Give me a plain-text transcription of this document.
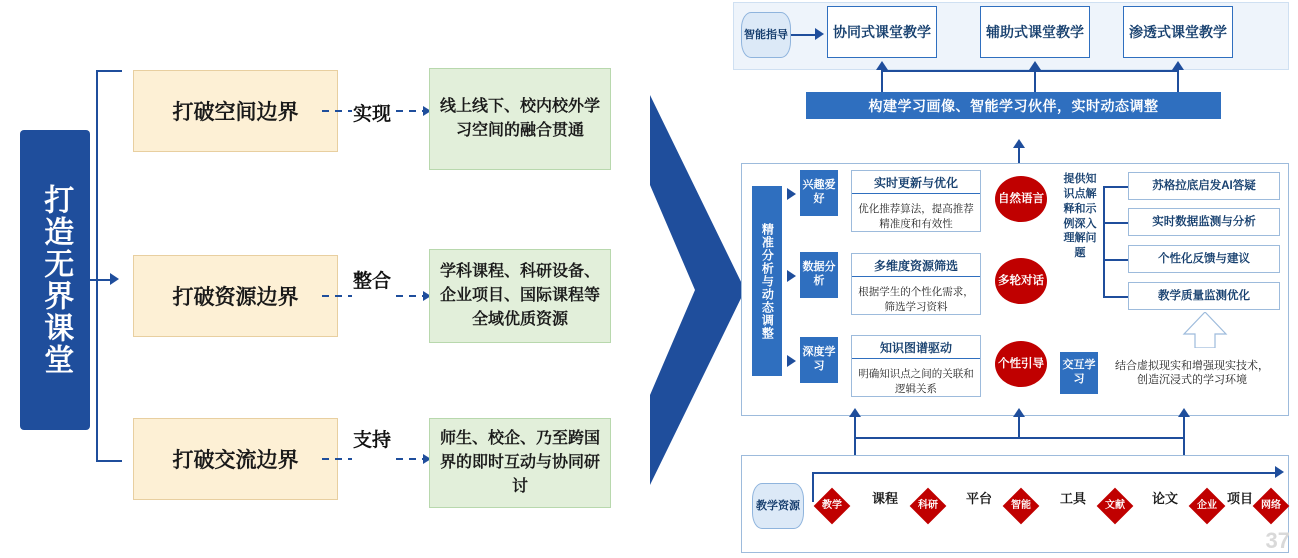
打造无界课堂
打破空间边界	实现	线上线下、校内校外学习空间的融合贯通
打破资源边界
整合	学科课程、科研设备、企业项目、国际课程等全域优质资源
打破交流边界
支持	师生、校企、乃至跨国界的即时互动与协同研讨
智能指导	协同式课堂教学	辅助式课堂教学	渗透式课堂教学
构建学习画像、智能学习伙伴，实时动态调整
精准分析与动态调整
兴趣爱好
数据分析
深度学习
实时更新与优化
优化推荐算法，提高推荐精准度和有效性
多维度资源筛选
根据学生的个性化需求，筛选学习资料
知识图谱驱动
明确知识点之间的关联和逻辑关系
自然语言
多轮对话
个性引导
提供知识点解释和示例深入理解问题
交互学习
结合虚拟现实和增强现实技术，创造沉浸式的学习环境
苏格拉底启发AI答疑
实时数据监测与分析
个性化反馈与建议
教学质量监测优化
教学资源	教学 课程	科研 平台	智能 工具	文献 论文	企业 项目 网络
37
